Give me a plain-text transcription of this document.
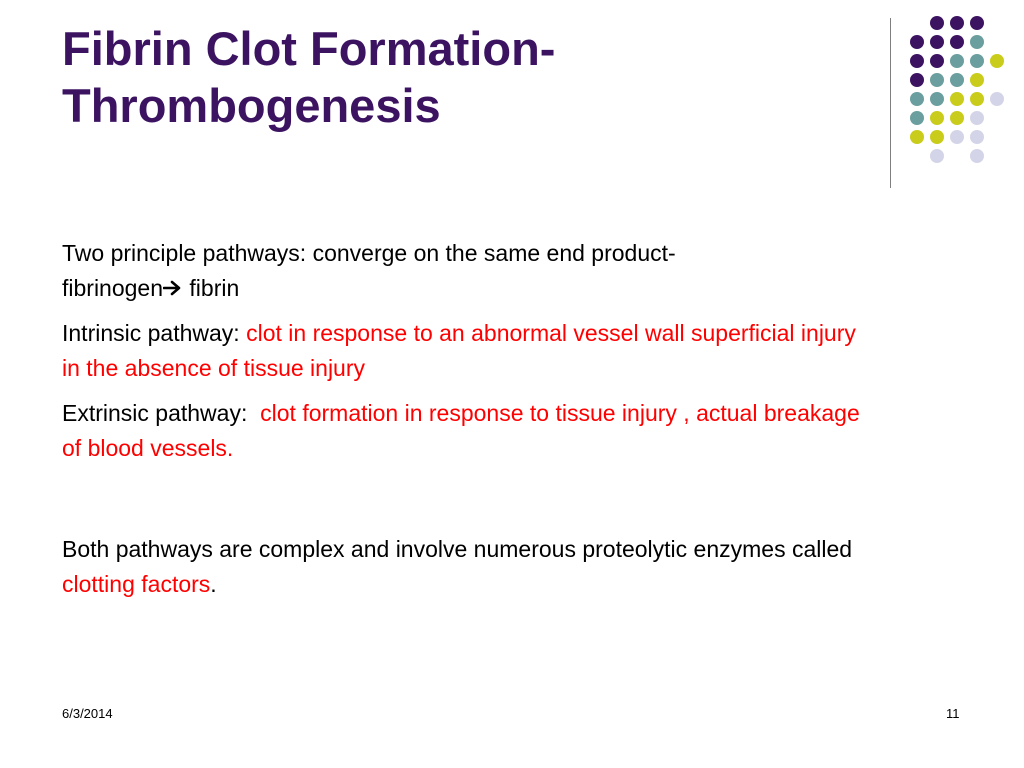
Fibrin Clot Formation-
Thrombogenesis

Two principle pathways: converge on the same end product-
fibrinogen fibrin

Intrinsic pathway: clot in response to an abnormal vessel wall superficial injury in the absence of tissue injury

Extrinsic pathway:  clot formation in response to tissue injury , actual breakage of blood vessels.

Both pathways are complex and involve numerous proteolytic enzymes called clotting factors.

6/3/2014	11
